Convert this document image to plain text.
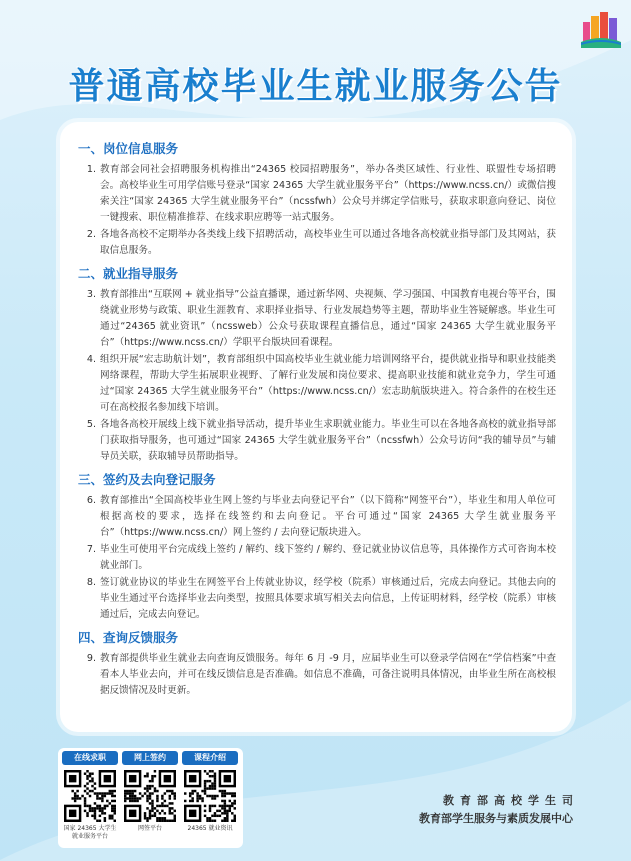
普通高校毕业生就业服务公告
一、岗位信息服务
1. 教育部会同社会招聘服务机构推出“24365 校园招聘服务”，举办各类区域性、行业性、联盟性专场招聘会。高校毕业生可用学信账号登录“国家 24365 大学生就业服务平台”（https://www.ncss.cn/）或微信搜索关注“国家 24365 大学生就业服务平台”（ncssfwh）公众号并绑定学信账号，获取求职意向登记、岗位一键搜索、职位精准推荐、在线求职应聘等一站式服务。
2. 各地各高校不定期举办各类线上线下招聘活动，高校毕业生可以通过各地各高校就业指导部门及其网站，获取信息服务。
二、就业指导服务
3. 教育部推出“互联网 + 就业指导”公益直播课，通过新华网、央视频、学习强国、中国教育电视台等平台，围绕就业形势与政策、职业生涯教育、求职择业指导、行业发展趋势等主题，帮助毕业生答疑解惑。毕业生可通过“24365 就业资讯”（ncssweb）公众号获取课程直播信息，通过“国家 24365 大学生就业服务平台”（https://www.ncss.cn/）学职平台版块回看课程。
4. 组织开展“宏志助航计划”，教育部组织中国高校毕业生就业能力培训网络平台，提供就业指导和职业技能类网络课程，帮助大学生拓展职业视野、了解行业发展和岗位要求、提高职业技能和就业竞争力，学生可通过“国家 24365 大学生就业服务平台”（https://www.ncss.cn/）宏志助航版块进入。符合条件的在校生还可在高校报名参加线下培训。
5. 各地各高校开展线上线下就业指导活动，提升毕业生求职就业能力。毕业生可以在各地各高校的就业指导部门获取指导服务，也可通过“国家 24365 大学生就业服务平台”（ncssfwh）公众号访问“我的辅导员”与辅导员关联，获取辅导员帮助指导。
三、签约及去向登记服务
6. 教育部推出“全国高校毕业生网上签约与毕业去向登记平台”（以下简称“网签平台”），毕业生和用人单位可根据高校的要求，选择在线签约和去向登记。平台可通过“国家 24365 大学生就业服务平台”（https://www.ncss.cn/）网上签约 / 去向登记版块进入。
7. 毕业生可使用平台完成线上签约 / 解约、线下签约 / 解约、登记就业协议信息等，具体操作方式可咨询本校就业部门。
8. 签订就业协议的毕业生在网签平台上传就业协议，经学校（院系）审核通过后，完成去向登记。其他去向的毕业生通过平台选择毕业去向类型，按照具体要求填写相关去向信息，上传证明材料，经学校（院系）审核通过后，完成去向登记。
四、查询反馈服务
9. 教育部提供毕业生就业去向查询反馈服务。每年 6 月 -9 月，应届毕业生可以登录学信网在“学信档案”中查看本人毕业去向，并可在线反馈信息是否准确。如信息不准确，可备注说明具体情况，由毕业生所在高校根据反馈情况及时更新。
在线求职
国家 24365 大学生就业服务平台
网上签约
网签平台
课程介绍
24365 就业资讯
教育部高校学生司
教育部学生服务与素质发展中心
